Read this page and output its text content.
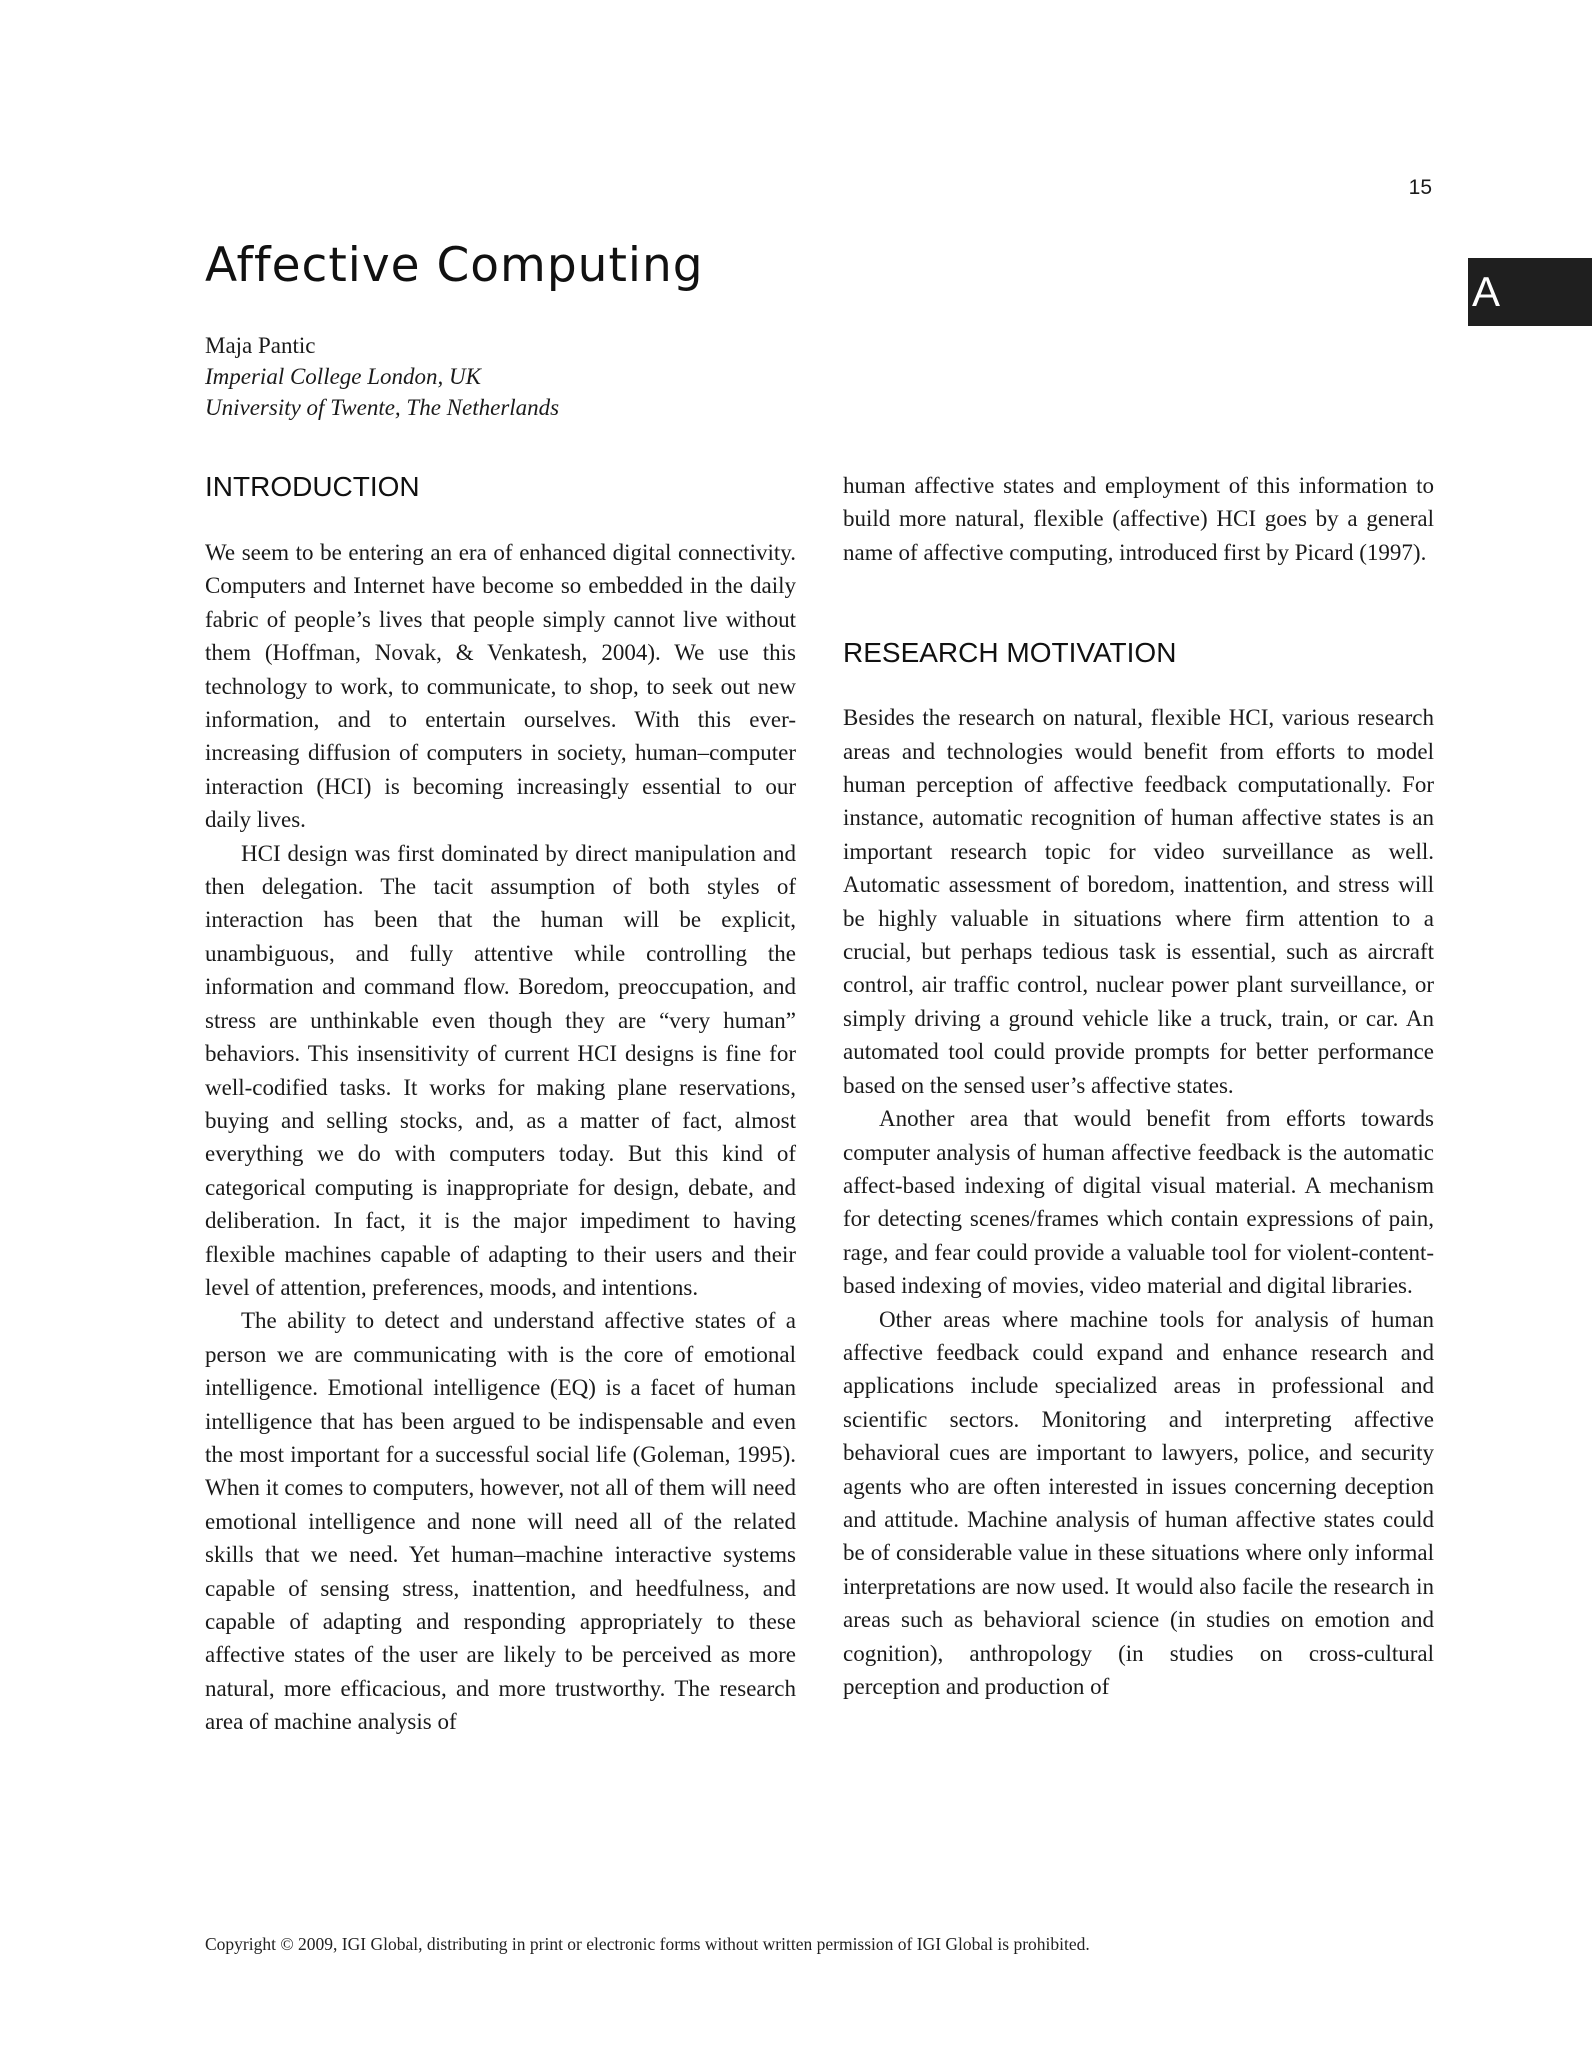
15
A
Affective Computing
Maja Pantic
Imperial College London, UK
University of Twente, The Netherlands
INTRODUCTION

We seem to be entering an era of enhanced digital connectivity. Computers and Internet have become so embedded in the daily fabric of people’s lives that people simply cannot live without them (Hoffman, Novak, & Venkatesh, 2004). We use this technology to work, to communicate, to shop, to seek out new information, and to entertain ourselves. With this ever-increasing diffusion of computers in society, human–computer interaction (HCI) is becoming increasingly essential to our daily lives.

HCI design was first dominated by direct manipulation and then delegation. The tacit assumption of both styles of interaction has been that the human will be explicit, unambiguous, and fully attentive while controlling the information and command flow. Boredom, preoccupation, and stress are unthinkable even though they are “very human” behaviors. This insensitivity of current HCI designs is fine for well-codified tasks. It works for making plane reservations, buying and selling stocks, and, as a matter of fact, almost everything we do with computers today. But this kind of categorical computing is inappropriate for design, debate, and deliberation. In fact, it is the major impediment to having flexible machines capable of adapting to their users and their level of attention, preferences, moods, and intentions.

The ability to detect and understand affective states of a person we are communicating with is the core of emotional intelligence. Emotional intelligence (EQ) is a facet of human intelligence that has been argued to be indispensable and even the most important for a successful social life (Goleman, 1995). When it comes to computers, however, not all of them will need emotional intelligence and none will need all of the related skills that we need. Yet human–machine interactive systems capable of sensing stress, inattention, and heedfulness, and capable of adapting and responding appropriately to these affective states of the user are likely to be perceived as more natural, more efficacious, and more trustworthy. The research area of machine analysis of

human affective states and employment of this information to build more natural, flexible (affective) HCI goes by a general name of affective computing, introduced first by Picard (1997).

RESEARCH MOTIVATION

Besides the research on natural, flexible HCI, various research areas and technologies would benefit from efforts to model human perception of affective feedback computationally. For instance, automatic recognition of human affective states is an important research topic for video surveillance as well. Automatic assessment of boredom, inattention, and stress will be highly valuable in situations where firm attention to a crucial, but perhaps tedious task is essential, such as aircraft control, air traffic control, nuclear power plant surveillance, or simply driving a ground vehicle like a truck, train, or car. An automated tool could provide prompts for better performance based on the sensed user’s affective states.

Another area that would benefit from efforts towards computer analysis of human affective feedback is the automatic affect-based indexing of digital visual material. A mechanism for detecting scenes/frames which contain expressions of pain, rage, and fear could provide a valuable tool for violent-content-based indexing of movies, video material and digital libraries.

Other areas where machine tools for analysis of human affective feedback could expand and enhance research and applications include specialized areas in professional and scientific sectors. Monitoring and interpreting affective behavioral cues are important to lawyers, police, and security agents who are often interested in issues concerning deception and attitude. Machine analysis of human affective states could be of considerable value in these situations where only informal interpretations are now used. It would also facile the research in areas such as behavioral science (in studies on emotion and cognition), anthropology (in studies on cross-cultural perception and production of

Copyright © 2009, IGI Global, distributing in print or electronic forms without written permission of IGI Global is prohibited.
